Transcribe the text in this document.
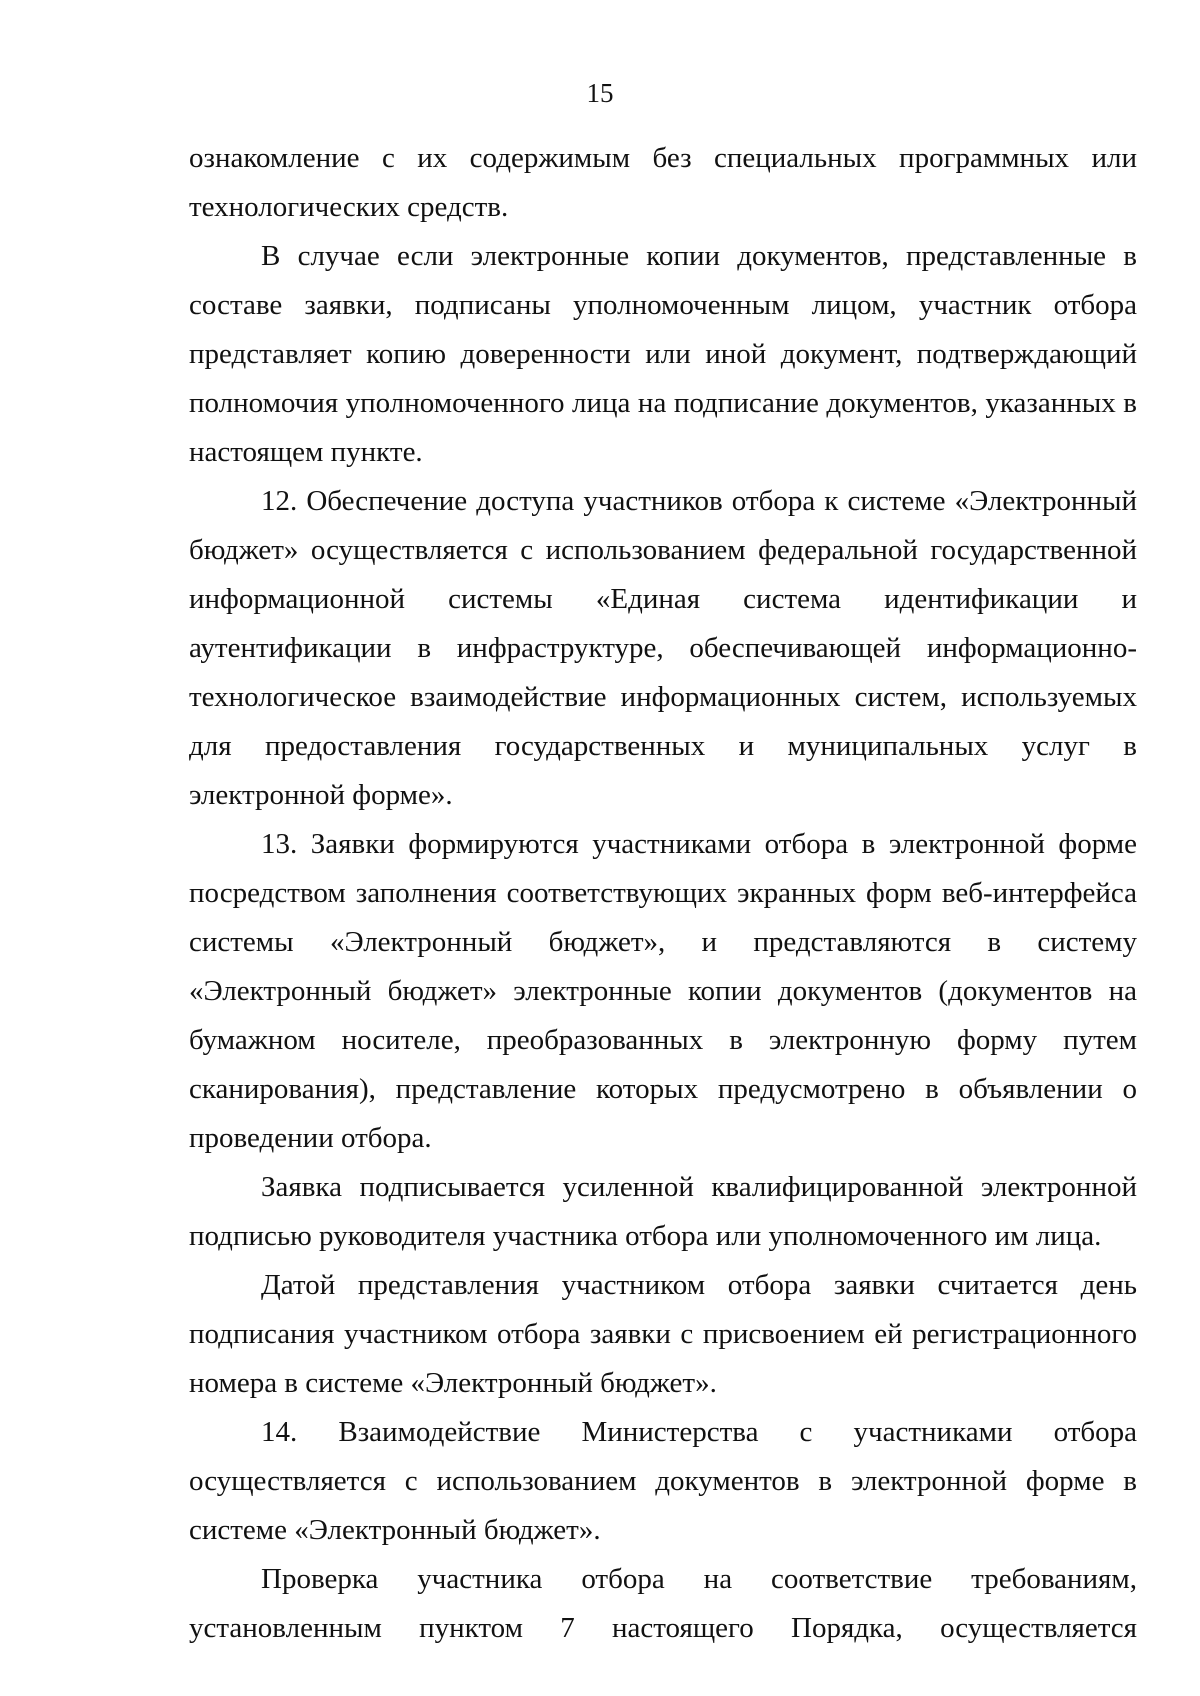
15

ознакомление с их содержимым без специальных программных или технологических средств.

В случае если электронные копии документов, представленные в составе заявки, подписаны уполномоченным лицом, участник отбора представляет копию доверенности или иной документ, подтверждающий полномочия уполномоченного лица на подписание документов, указанных в настоящем пункте.

12. Обеспечение доступа участников отбора к системе «Электронный бюджет» осуществляется с использованием федеральной государственной информационной системы «Единая система идентификации и аутентификации в инфраструктуре, обеспечивающей информационно-технологическое взаимодействие информационных систем, используемых для предоставления государственных и муниципальных услуг в электронной форме».

13. Заявки формируются участниками отбора в электронной форме посредством заполнения соответствующих экранных форм веб-интерфейса системы «Электронный бюджет», и представляются в систему «Электронный бюджет» электронные копии документов (документов на бумажном носителе, преобразованных в электронную форму путем сканирования), представление которых предусмотрено в объявлении о проведении отбора.

Заявка подписывается усиленной квалифицированной электронной подписью руководителя участника отбора или уполномоченного им лица.

Датой представления участником отбора заявки считается день подписания участником отбора заявки с присвоением ей регистрационного номера в системе «Электронный бюджет».

14. Взаимодействие Министерства с участниками отбора осуществляется с использованием документов в электронной форме в системе «Электронный бюджет».

Проверка участника отбора на соответствие требованиям, установленным пунктом 7 настоящего Порядка, осуществляется
